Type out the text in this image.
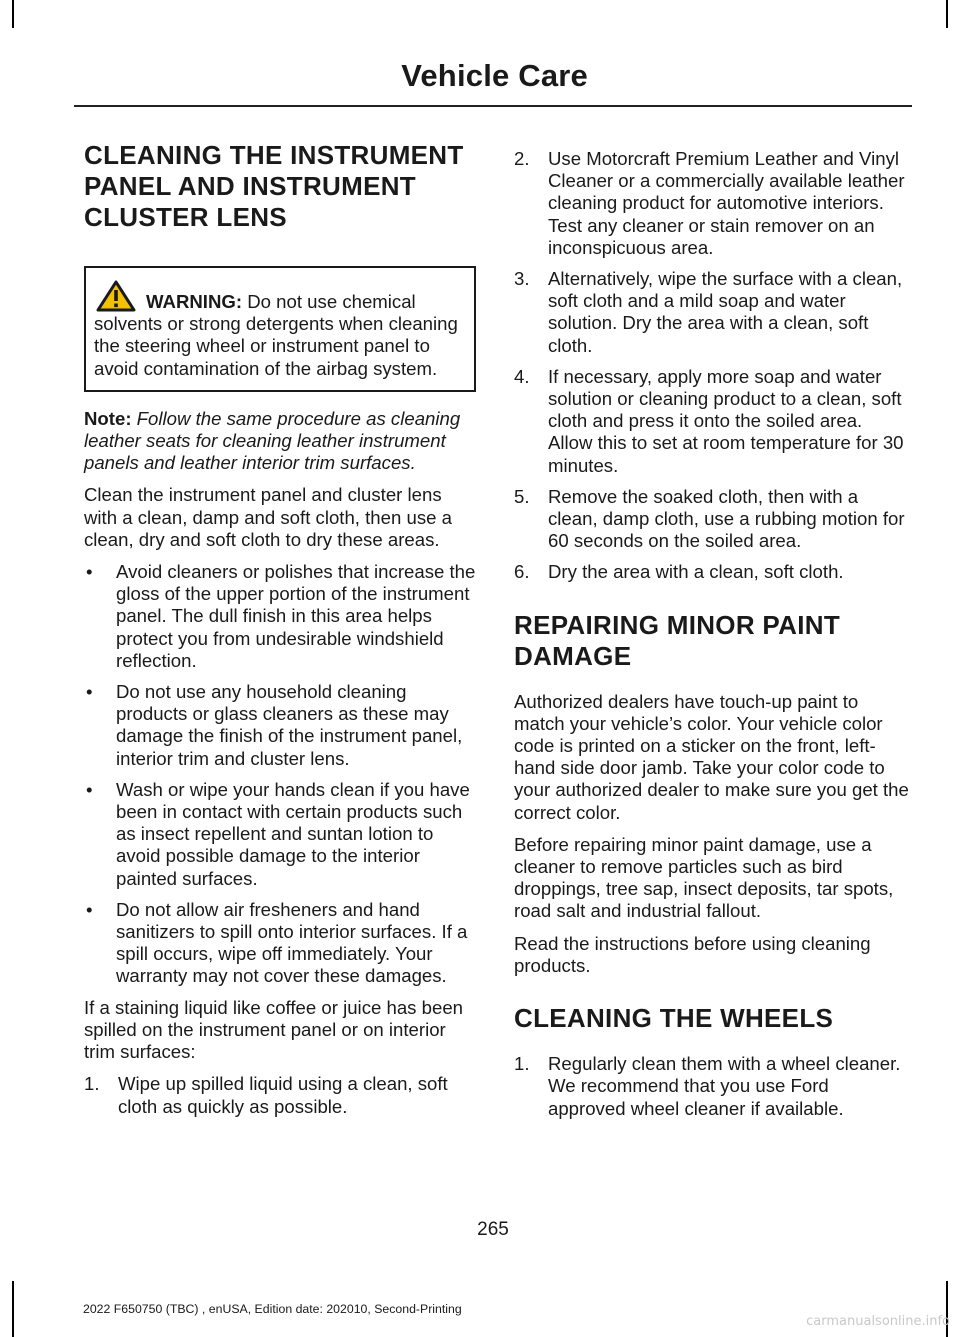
Vehicle Care
CLEANING THE INSTRUMENT
PANEL AND INSTRUMENT
CLUSTER LENS
WARNING: Do not use chemical solvents or strong detergents when cleaning the steering wheel or instrument panel to avoid contamination of the airbag system.

Note: Follow the same procedure as cleaning leather seats for cleaning leather instrument panels and leather interior trim surfaces.

Clean the instrument panel and cluster lens with a clean, damp and soft cloth, then use a clean, dry and soft cloth to dry these areas.

• Avoid cleaners or polishes that increase the gloss of the upper portion of the instrument panel. The dull finish in this area helps protect you from undesirable windshield reflection.
• Do not use any household cleaning products or glass cleaners as these may damage the finish of the instrument panel, interior trim and cluster lens.
• Wash or wipe your hands clean if you have been in contact with certain products such as insect repellent and suntan lotion to avoid possible damage to the interior painted surfaces.
• Do not allow air fresheners and hand sanitizers to spill onto interior surfaces. If a spill occurs, wipe off immediately. Your warranty may not cover these damages.

If a staining liquid like coffee or juice has been spilled on the instrument panel or on interior trim surfaces:

1. Wipe up spilled liquid using a clean, soft cloth as quickly as possible.
2. Use Motorcraft Premium Leather and Vinyl Cleaner or a commercially available leather cleaning product for automotive interiors. Test any cleaner or stain remover on an inconspicuous area.
3. Alternatively, wipe the surface with a clean, soft cloth and a mild soap and water solution. Dry the area with a clean, soft cloth.
4. If necessary, apply more soap and water solution or cleaning product to a clean, soft cloth and press it onto the soiled area. Allow this to set at room temperature for 30 minutes.
5. Remove the soaked cloth, then with a clean, damp cloth, use a rubbing motion for 60 seconds on the soiled area.
6. Dry the area with a clean, soft cloth.
REPAIRING MINOR PAINT
DAMAGE

Authorized dealers have touch-up paint to match your vehicle’s color. Your vehicle color code is printed on a sticker on the front, left-hand side door jamb. Take your color code to your authorized dealer to make sure you get the correct color.

Before repairing minor paint damage, use a cleaner to remove particles such as bird droppings, tree sap, insect deposits, tar spots, road salt and industrial fallout.

Read the instructions before using cleaning products.

CLEANING THE WHEELS
1. Regularly clean them with a wheel cleaner. We recommend that you use Ford approved wheel cleaner if available.
265
2022 F650750 (TBC) , enUSA, Edition date: 202010, Second-Printing
carmanualsonline.info
